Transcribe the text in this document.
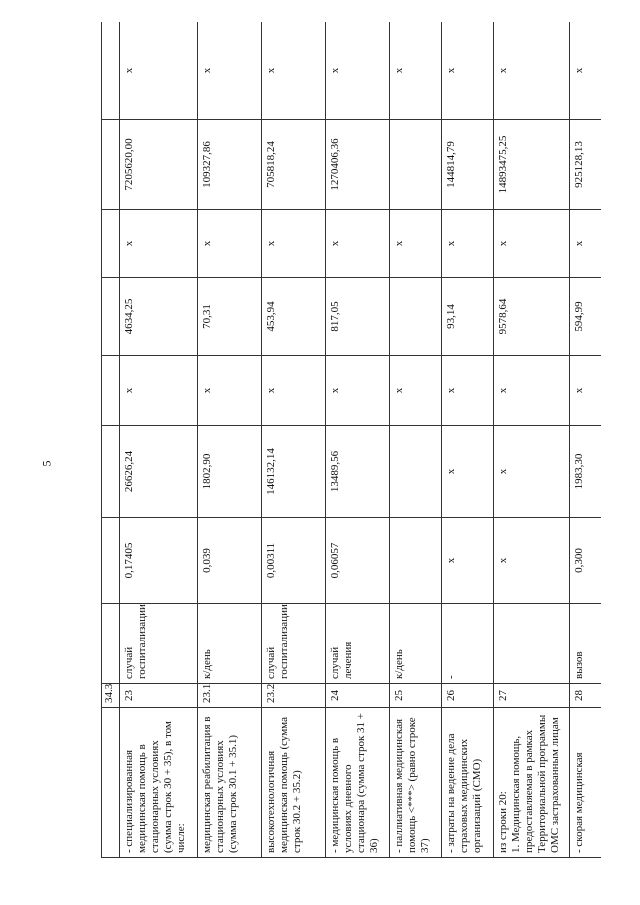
5
	34.3								
- специализированная медицинская помощь в стационарных условиях (сумма строк 30 + 35), в том числе:	23	случай госпитализации	0,17405	26626,24	x	4634,25	x	7205620,00	x
медицинская реабилитация в стационарных условиях (сумма строк 30.1 + 35.1)	23.1	к/день	0,039	1802,90	x	70,31	x	109327,86	x
высокотехнологичная медицинская помощь (сумма строк 30.2 + 35.2)	23.2	случай госпитализации	0,00311	146132,14	x	453,94	x	705818,24	x
- медицинская помощь в условиях дневного стационара (сумма строк 31 + 36)	24	случай лечения	0,06057	13489,56	x	817,05	x	1270406,36	x
- паллиативная медицинская помощь <***> (равно строке 37)	25	к/день			x		x		x
- затраты на ведение дела страховых медицинских организаций (СМО)	26	-	x	x	x	93,14	x	144814,79	x
из строки 20:
1. Медицинская помощь, предоставляемая в рамках Территориальной программы ОМС застрахованным лицам	27		x	x	x	9578,64	x	14893475,25	x
- скорая медицинская	28	вызов	0,300	1983,30	x	594,99	x	925128,13	x
